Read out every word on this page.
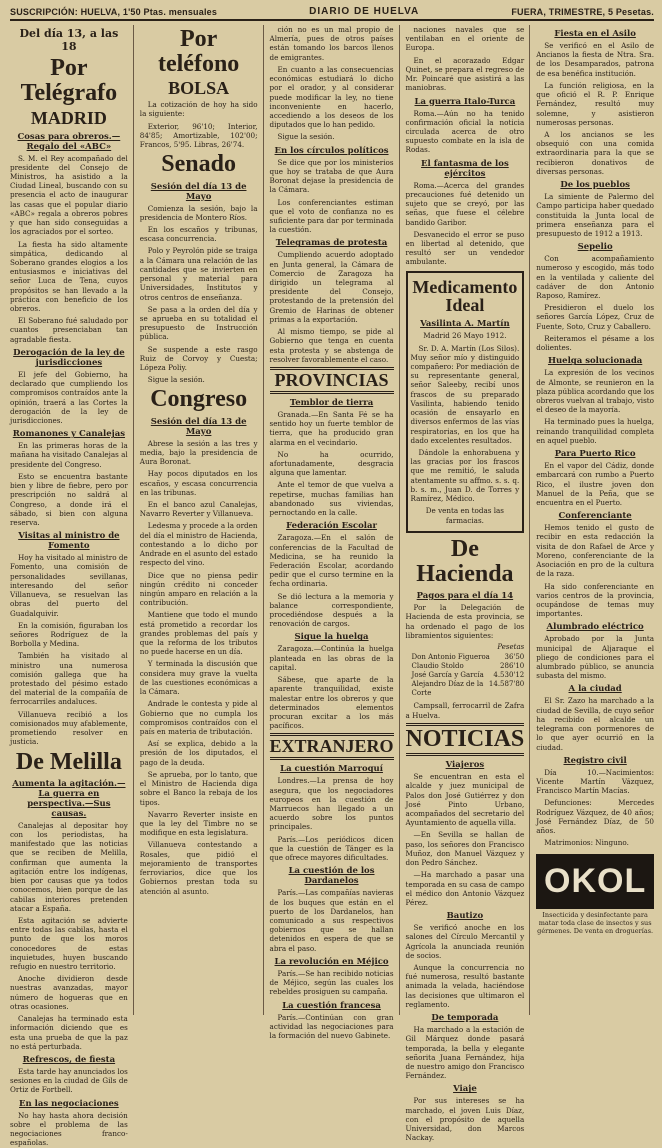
SUSCRIPCIÓN: HUELVA, 1'50 Ptas. mensuales	DIARIO DE HUELVA	FUERA, TRIMESTRE, 5 Pesetas.
Del día 13, a las 18
Por Telégrafo
MADRID
Cosas para obreros.—Regalo del «ABC»

S. M. el Rey acompañado del presidente del Consejo de Ministros, ha asistido a la Ciudad Lineal, buscando con su presencia el acto de inaugurar las casas que el popular diario «ABC» regala a obreros pobres y que han sido conseguidas a los agraciados por el sorteo.

La fiesta ha sido altamente simpática, dedicando al Soberano grandes elogios a los entusiasmos e iniciativas del señor Luca de Tena, cuyos propósitos se han llevado a la práctica con beneficio de los obreros.

El Soberano fué saludado por cuantos presenciaban tan agradable fiesta.

Derogación de la ley de jurisdicciones

El jefe del Gobierno, ha declarado que cumpliendo los compromisos contraídos ante la opinión, traerá a las Cortes la derogación de la ley de jurisdicciones.

Romanones y Canalejas

En las primeras horas de la mañana ha visitado Canalejas al presidente del Congreso.

Esto se encuentra bastante bien y libre de fiebre, pero por prescripción no saldrá al Congreso, a donde irá el sábado, si bien con alguna reserva.

Visitas al ministro de Fomento

Hoy ha visitado al ministro de Fomento, una comisión de personalidades sevillanas, interesando del señor Villanueva, se resuelvan las obras del puerto del Guadalquivir.

En la comisión, figuraban los señores Rodríguez de la Borbolla y Medina.

También ha visitado al ministro una numerosa comisión gallega que ha protestado del pésimo estado del material de la compañía de ferrocarriles andaluces.

Villanueva recibió a los comisionados muy afablemente, prometiendo resolver en justicia.

De Melilla
Aumenta la agitación.—La guerra en perspectiva.—Sus causas.

Canalejas al depositar hoy con los periodistas, ha manifestado que las noticias que se reciben de Melilla, confirman que aumenta la agitación entre los indígenas, bien por causas que ya todos conocemos, bien porque de las cabilas interiores pretenden atacar a España.

Esta agitación se advierte entre todas las cabilas, hasta el punto de que los moros conocedores de estas inquietudes, huyen buscando refugio en nuestro territorio.

Anoche dividieron desde nuestras avanzadas, mayor número de hogueras que en otras ocasiones.

Canalejas ha terminado esta información diciendo que es esta una prueba de que la paz no está perturbada.

Refrescos, de fiesta

Esta tarde hay anunciados los sesiones en la ciudad de Gils de Ortiz de Fortbell.

En las negociaciones

No hay hasta ahora decisión sobre el problema de las negociaciones franco-españolas.

Por teléfono
BOLSA

La cotización de hoy ha sido la siguiente:

Exterior, 96'10; Interior, 84'85; Amortizable, 102'00; Francos, 5'95. Libras, 26'74.

Senado
Sesión del día 13 de Mayo

Comienza la sesión, bajo la presidencia de Montero Ríos.

En los escaños y tribunas, escasa concurrencia.

Polo y Peyrolón pide se traiga a la Cámara una relación de las cantidades que se invierten en personal y material para Universidades, Institutos y otros centros de enseñanza.

Se pasa a la orden del día y se aprueba en su totalidad el presupuesto de Instrucción pública.

Se suspende a este rasgo Ruiz de Corvoy y Cuesta; Lópeza Poliy.

Sigue la sesión.

Congreso
Sesión del día 13 de Mayo

Abrese la sesión a las tres y media, bajo la presidencia de Aura Boronat.

Hay pocos diputados en los escaños, y escasa concurrencia en las tribunas.

En el banco azul Canalejas, Navarro Reverter y Villanueva.

Ledesma y procede a la orden del día el ministro de Hacienda, contestando a lo dicho por Andrade en el asunto del estado respecto del vino.

Dice que no piensa pedir ningún crédito ni conceder ningún amparo en relación a la contribución.

Mantiene que todo el mundo está prometido a recordar los grandes problemas del país y que la reforma de los tributos no puede hacerse en un día.

Y terminada la discusión que considera muy grave la vuelta de las cuestiones económicas a la Cámara.

Andrade le contesta y pide al Gobierno que no cumpla los compromisos contraídos con el país en materia de tributación.

Así se explica, debido a la presión de los diputados, el pago de la deuda.

Se aprueba, por lo tanto, que el Ministro de Hacienda diga sobre el Banco la rebaja de los tipos.

Navarro Reverter insiste en que la ley del Timbre no se modifique en esta legislatura.

Villanueva contestando a Rosales, que pidió el mejoramiento de transportes ferroviarios, dice que los Gobiernos prestan toda su atención al asunto.

ción no es un mal propio de Almería, pues de otros países están tomando los barcos llenos de emigrantes.

En cuanto a las consecuencias económicas estudiará lo dicho por el orador, y al considerar puede modificar la ley, no tiene inconveniente en hacerlo, accediendo a los deseos de los diputados que lo han pedido.

Sigue la sesión.

En los círculos políticos

Se dice que por los ministerios que hoy se trataba de que Aura Boronat dejase la presidencia de la Cámara.

Los conferenciantes estiman que el voto de confianza no es suficiente para dar por terminada la cuestión.

Telegramas de protesta

Cumpliendo acuerdo adoptado en Junta general, la Cámara de Comercio de Zaragoza ha dirigido un telegrama al presidente del Consejo, protestando de la pretensión del Gremio de Harinas de obtener primas a la exportación.

Al mismo tiempo, se pide al Gobierno que tenga en cuenta esta protesta y se abstenga de resolver favorablemente el caso.

PROVINCIAS
Temblor de tierra

Granada.—En Santa Fé se ha sentido hoy un fuerte temblor de tierra, que ha producido gran alarma en el vecindario.

No ha ocurrido, afortunadamente, desgracia alguna que lamentar.

Ante el temor de que vuelva a repetirse, muchas familias han abandonado sus viviendas, pernoctando en la calle.

Federación Escolar

Zaragoza.—En el salón de conferencias de la Facultad de Medicina, se ha reunido la Federación Escolar, acordando pedir que el curso termine en la fecha ordinaria.

Se dió lectura a la memoria y balance correspondiente, procediéndose después a la renovación de cargos.

Sigue la huelga

Zaragoza.—Continúa la huelga planteada en las obras de la capital.

Sábese, que aparte de la aparente tranquilidad, existe malestar entre los obreros y que determinados elementos procuran excitar a los más pacíficos.

EXTRANJERO
La cuestión Marroquí

Londres.—La prensa de hoy asegura, que los negociadores europeos en la cuestión de Marruecos han llegado a un acuerdo sobre los puntos principales.

París.—Los periódicos dicen que la cuestión de Tánger es la que ofrece mayores dificultades.

La cuestión de los Dardanelos

París.—Las compañías navieras de los buques que están en el puerto de los Dardanelos, han comunicado a sus respectivos gobiernos que se hallan detenidos en espera de que se abra el paso.

La revolución en Méjico

París.—Se han recibido noticias de Méjico, según las cuales los rebeldes prosiguen su campaña.

La cuestión francesa

París.—Continúan con gran actividad las negociaciones para la formación del nuevo Gabinete.

naciones navales que se ventilaban en el oriente de Europa.

En el acorazado Edgar Quinet, se prepara el regreso de Mr. Poincaré que asistirá a las maniobras.

La guerra Italo-Turca

Roma.—Aún no ha tenido confirmación oficial la noticia circulada acerca de otro supuesto combate en la isla de Rodas.

El fantasma de los ejércitos

Roma.—Acerca del grandes precauciones fué detenido un sujeto que se creyó, por las señas, que fuese el célebre bandido Garibor.

Desvanecido el error se puso en libertad al detenido, que resultó ser un vendedor ambulante.

Medicamento Ideal
Vasilinta A. Martín

Madrid 26 Mayo 1912.

Sr. D. A. Martín (Los Silos). Muy señor mío y distinguido compañero: Por mediación de su representante general, señor Saleeby, recibí unos frascos de su preparado Vasilinta, habiendo tenido ocasión de ensayarlo en diversos enfermos de las vías respiratorias, en los que ha dado excelentes resultados.

Dándole la enhorabuena y las gracias por los frascos que me remitió, le saluda atentamente su affmo. s. s. q. b. s. m., Juan D. de Torres y Ramírez, Médico.

De venta en todas las farmacias.

De Hacienda
Pagos para el día 14

Por la Delegación de Hacienda de esta provincia, se ha ordenado el pago de los libramientos siguientes:

Pesetas
Don Antonio Figueroa 36'50
Claudio Stoldo	286'10
José García y García 4.530'12
Alejandro Díaz de la Corte
14.587'80

Campsall, ferrocarril de Zafra a Huelva.

NOTICIAS
Viajeros

Se encuentran en esta el alcalde y juez municipal de Palos don José Gutiérrez y don José Pinto Urbano, acompañados del secretario del Ayuntamiento de aquella villa.

—En Sevilla se hallan de paso, los señores don Francisco Muñoz, don Manuel Vázquez y don Pedro Sánchez.

—Ha marchado a pasar una temporada en su casa de campo el médico don Antonio Vázquez Pérez.

Bautizo

Se verificó anoche en los salones del Círculo Mercantil y Agrícola la anunciada reunión de socios.

Aunque la concurrencia no fué numerosa, resultó bastante animada la velada, haciéndose las decisiones que ultimaron el reglamento.

De temporada

Ha marchado a la estación de Gil Márquez donde pasará temporada, la bella y elegante señorita Juana Fernández, hija de nuestro amigo don Francisco Fernández.

Viaje

Por sus intereses se ha marchado, el joven Luis Díaz, con el propósito de aquella Universidad, don Marcos Nackay.

Fiesta en el Asilo

Se verificó en el Asilo de Ancianos la fiesta de Ntra. Sra. de los Desamparados, patrona de esa benéfica institución.

La función religiosa, en la que ofició el R. P. Enrique Fernández, resultó muy solemne, y asistieron numerosas personas.

A los ancianos se les obsequió con una comida extraordinaria para la que se recibieron donativos de diversas personas.

De los pueblos

La simiente de Palermo del Campo participa haber quedado constituida la Junta local de primera enseñanza para el presupuesto de 1912 a 1913.

Sepelio

Con acompañamiento numeroso y escogido, más todo en la ventilada y caliente del cadáver de don Antonio Raposo, Ramírez.

Presidieron el duelo los señores García López, Cruz de Fuente, Soto, Cruz y Caballero.

Reiteramos el pésame a los dolientes.

Huelga solucionada

La expresión de los vecinos de Almonte, se reunieron en la plaza pública acordando que los obreros vuelvan al trabajo, visto el deseo de la mayoría.

Ha terminado pues la huelga, reinando tranquilidad completa en aquel pueblo.

Para Puerto Rico

En el vapor del Cádiz, donde embarcará con rumbo a Puerto Rico, el ilustre joven don Manuel de la Peña, que se encuentra en el Puerto.

Conferenciante

Hemos tenido el gusto de recibir en esta redacción la visita de don Rafael de Arce y Moreno, conferenciante de la Asociación en pro de la cultura de la raza.

Ha sido conferenciante en varios centros de la provincia, ocupándose de temas muy importantes.

Alumbrado eléctrico

Aprobado por la Junta municipal de Aljaraque el pliego de condiciones para el alumbrado público, se anuncia subasta del mismo.

A la ciudad

El Sr. Zazo ha marchado a la ciudad de Sevilla, de cuyo señor ha recibido el alcalde un telegrama con pormenores de lo que ayer ocurrió en la ciudad.

Registro civil

Día 10.—Nacimientos: Vicente Martín Vázquez, Francisco Martín Macías.

Defunciones: Mercedes Rodríguez Vázquez, de 40 años; José Fernández Díaz, de 50 años.

Matrimonios: Ninguno.

OKOL
Insecticida y desinfectante para matar toda clase de insectos y sus gérmenes. De venta en droguerías.
